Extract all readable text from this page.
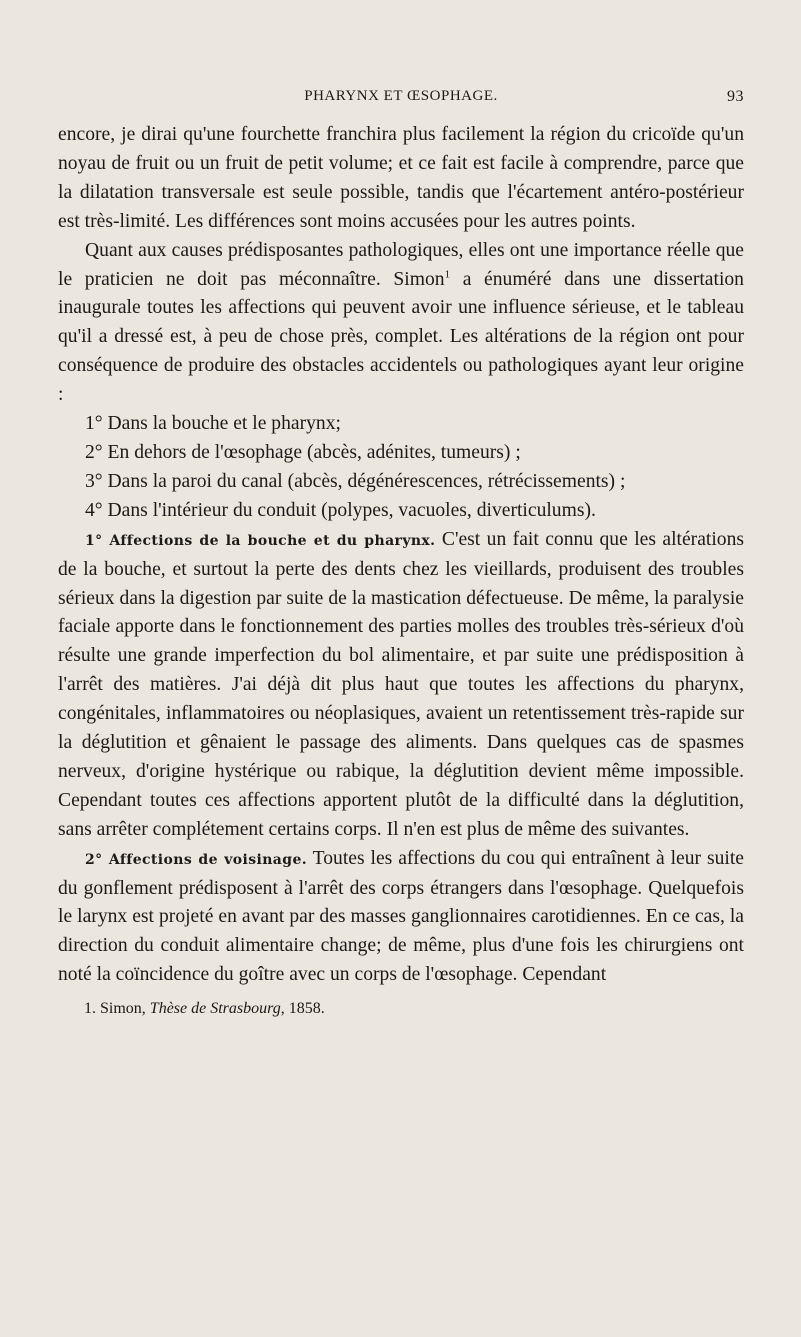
PHARYNX ET ŒSOPHAGE.	93

encore, je dirai qu'une fourchette franchira plus facilement la région du cricoïde qu'un noyau de fruit ou un fruit de petit volume; et ce fait est facile à comprendre, parce que la dilatation transversale est seule possible, tandis que l'écartement antéro-postérieur est très-limité. Les différences sont moins accusées pour les autres points.

Quant aux causes prédisposantes pathologiques, elles ont une importance réelle que le praticien ne doit pas méconnaître. Simon$^1$ a énuméré dans une dissertation inaugurale toutes les affections qui peuvent avoir une influence sérieuse, et le tableau qu'il a dressé est, à peu de chose près, complet. Les altérations de la région ont pour conséquence de produire des obstacles accidentels ou pathologiques ayant leur origine :

1° Dans la bouche et le pharynx;

2° En dehors de l'œsophage (abcès, adénites, tumeurs) ;

3° Dans la paroi du canal (abcès, dégénérescences, rétrécissements) ;

4° Dans l'intérieur du conduit (polypes, vacuoles, diverticulums).

1° Affections de la bouche et du pharynx. C'est un fait connu que les altérations de la bouche, et surtout la perte des dents chez les vieillards, produisent des troubles sérieux dans la digestion par suite de la mastication défectueuse. De même, la paralysie faciale apporte dans le fonctionnement des parties molles des troubles très-sérieux d'où résulte une grande imperfection du bol alimentaire, et par suite une prédisposition à l'arrêt des matières. J'ai déjà dit plus haut que toutes les affections du pharynx, congénitales, inflammatoires ou néoplasiques, avaient un retentissement très-rapide sur la déglutition et gênaient le passage des aliments. Dans quelques cas de spasmes nerveux, d'origine hystérique ou rabique, la déglutition devient même impossible. Cependant toutes ces affections apportent plutôt de la difficulté dans la déglutition, sans arrêter complétement certains corps. Il n'en est plus de même des suivantes.

2° Affections de voisinage. Toutes les affections du cou qui entraînent à leur suite du gonflement prédisposent à l'arrêt des corps étrangers dans l'œsophage. Quelquefois le larynx est projeté en avant par des masses ganglionnaires carotidiennes. En ce cas, la direction du conduit alimentaire change; de même, plus d'une fois les chirurgiens ont noté la coïncidence du goître avec un corps de l'œsophage. Cependant

1. Simon, Thèse de Strasbourg, 1858.
